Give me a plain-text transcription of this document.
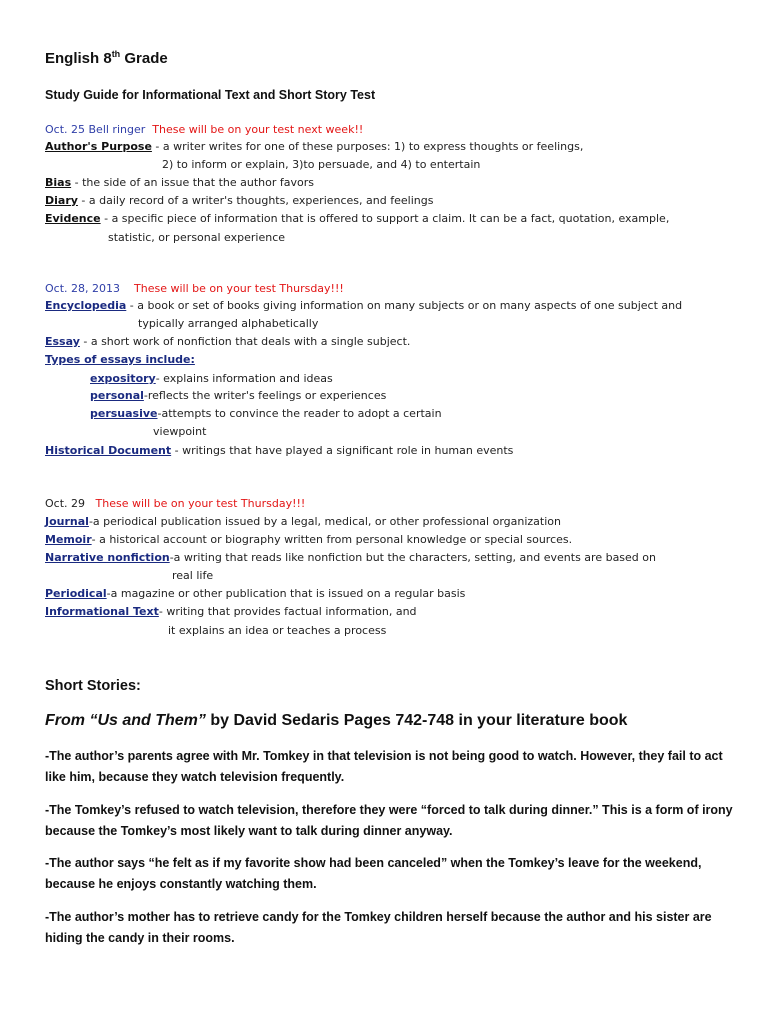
English 8th Grade
Study Guide for Informational Text and Short Story Test
Oct. 25 Bell ringer These will be on your test next week!!
Author's Purpose - a writer writes for one of these purposes: 1) to express thoughts or feelings,
2) to inform or explain, 3)to persuade, and 4) to entertain
Bias - the side of an issue that the author favors
Diary - a daily record of a writer's thoughts, experiences, and feelings
Evidence - a specific piece of information that is offered to support a claim. It can be a fact, quotation, example,
statistic, or personal experience
Oct. 28, 2013 These will be on your test Thursday!!!
Encyclopedia - a book or set of books giving information on many subjects or on many aspects of one subject and
typically arranged alphabetically
Essay - a short work of nonfiction that deals with a single subject.
Types of essays include:
expository- explains information and ideas
personal-reflects the writer's feelings or experiences
persuasive-attempts to convince the reader to adopt a certain
viewpoint
Historical Document - writings that have played a significant role in human events
Oct. 29 These will be on your test Thursday!!!
Journal-a periodical publication issued by a legal, medical, or other professional organization
Memoir- a historical account or biography written from personal knowledge or special sources.
Narrative nonfiction-a writing that reads like nonfiction but the characters, setting, and events are based on
real life
Periodical-a magazine or other publication that is issued on a regular basis
Informational Text- writing that provides factual information, and
it explains an idea or teaches a process
Short Stories:
From “Us and Them” by David Sedaris Pages 742-748 in your literature book
-The author’s parents agree with Mr. Tomkey in that television is not being good to watch. However, they fail to act like him, because they watch television frequently.
-The Tomkey’s refused to watch television, therefore they were “forced to talk during dinner.” This is a form of irony because the Tomkey’s most likely want to talk during dinner anyway.
-The author says “he felt as if my favorite show had been canceled” when the Tomkey’s leave for the weekend, because he enjoys constantly watching them.
-The author’s mother has to retrieve candy for the Tomkey children herself because the author and his sister are hiding the candy in their rooms.
